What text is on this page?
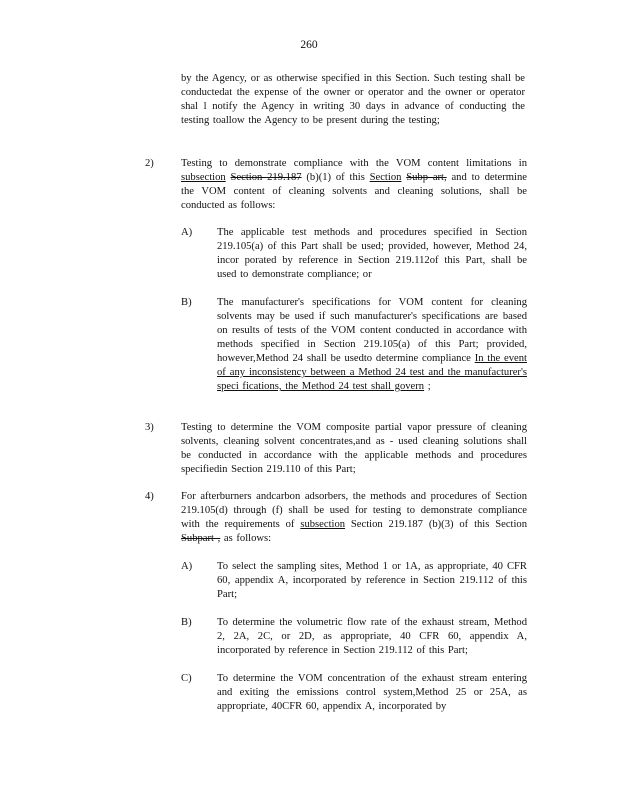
260
by the Agency, or as otherwise specified in this Section. Such testing shall be conductedat the expense of the owner or operator and the owner or operator shal l notify the Agency in writing 30 days in advance of conducting the testing toallow the Agency to be present during the testing;
2)	Testing to demonstrate compliance with the VOM content limitations in subsection Section 219.187 (b)(1) of this Section Subp art, and to determine the VOM content of cleaning solvents and cleaning solutions, shall be conducted as follows:
A) The applicable test methods and procedures specified in Section 219.105(a) of this Part shall be used; provided, however, Method 24, incor porated by reference in Section 219.112of this Part, shall be used to demonstrate compliance; or
B) The manufacturer's specifications for VOM content for cleaning solvents may be used if such manufacturer's specifications are based on results of tests of the VOM content conducted in accordance with methods specified in Section 219.105(a) of this Part; provided, however,Method 24 shall be usedto determine compliance In the event of any inconsistency between a Method 24 test and the manufacturer's speci fications, the Method 24 test shall govern ;
3)	Testing to determine the VOM composite partial vapor pressure of cleaning solvents, cleaning solvent concentrates,and as - used cleaning solutions shall be conducted in accordance with the applicable methods and procedures specifiedin Section 219.110 of this Part;
4)	For afterburners andcarbon adsorbers, the methods and procedures of Section 219.105(d) through (f) shall be used for testing to demonstrate compliance with the requirements of subsection Section 219.187 (b)(3) of this Section Subpart , as follows:
A) To select the sampling sites, Method 1 or 1A, as appropriate, 40 CFR 60, appendix A, incorporated by reference in Section 219.112 of this Part;
B) To determine the volumetric flow rate of the exhaust stream, Method 2, 2A, 2C, or 2D, as appropriate, 40 CFR 60, appendix A, incorporated by reference in Section 219.112 of this Part;
C) To determine the VOM concentration of the exhaust stream entering and exiting the emissions control system,Method 25 or 25A, as appropriate, 40CFR 60, appendix A, incorporated by
